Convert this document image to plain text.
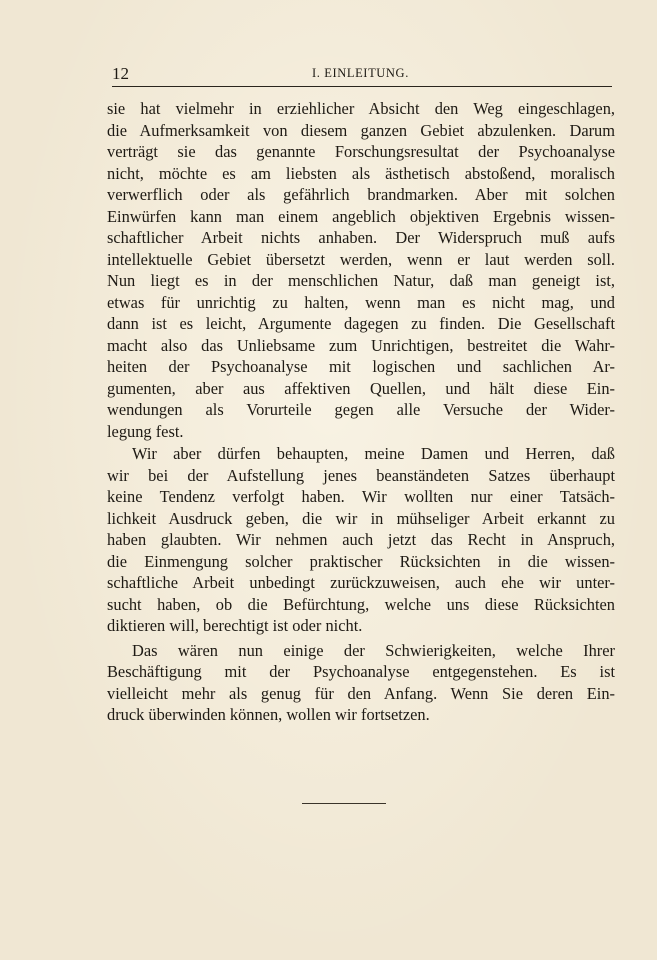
12	I. EINLEITUNG.
sie hat vielmehr in erziehlicher Absicht den Weg eingeschlagen,
die Aufmerksamkeit von diesem ganzen Gebiet abzulenken. Darum
verträgt sie das genannte Forschungsresultat der Psychoanalyse
nicht, möchte es am liebsten als ästhetisch abstoßend, moralisch
verwerflich oder als gefährlich brandmarken. Aber mit solchen
Einwürfen kann man einem angeblich objektiven Ergebnis wissen-
schaftlicher Arbeit nichts anhaben. Der Widerspruch muß aufs
intellektuelle Gebiet übersetzt werden, wenn er laut werden soll.
Nun liegt es in der menschlichen Natur, daß man geneigt ist,
etwas für unrichtig zu halten, wenn man es nicht mag, und
dann ist es leicht, Argumente dagegen zu finden. Die Gesellschaft
macht also das Unliebsame zum Unrichtigen, bestreitet die Wahr-
heiten der Psychoanalyse mit logischen und sachlichen Ar-
gumenten, aber aus affektiven Quellen, und hält diese Ein-
wendungen als Vorurteile gegen alle Versuche der Wider-
legung fest.
Wir aber dürfen behaupten, meine Damen und Herren, daß
wir bei der Aufstellung jenes beanständeten Satzes überhaupt
keine Tendenz verfolgt haben. Wir wollten nur einer Tatsäch-
lichkeit Ausdruck geben, die wir in mühseliger Arbeit erkannt zu
haben glaubten. Wir nehmen auch jetzt das Recht in Anspruch,
die Einmengung solcher praktischer Rücksichten in die wissen-
schaftliche Arbeit unbedingt zurückzuweisen, auch ehe wir unter-
sucht haben, ob die Befürchtung, welche uns diese Rücksichten
diktieren will, berechtigt ist oder nicht.
Das wären nun einige der Schwierigkeiten, welche Ihrer
Beschäftigung mit der Psychoanalyse entgegenstehen. Es ist
vielleicht mehr als genug für den Anfang. Wenn Sie deren Ein-
druck überwinden können, wollen wir fortsetzen.
